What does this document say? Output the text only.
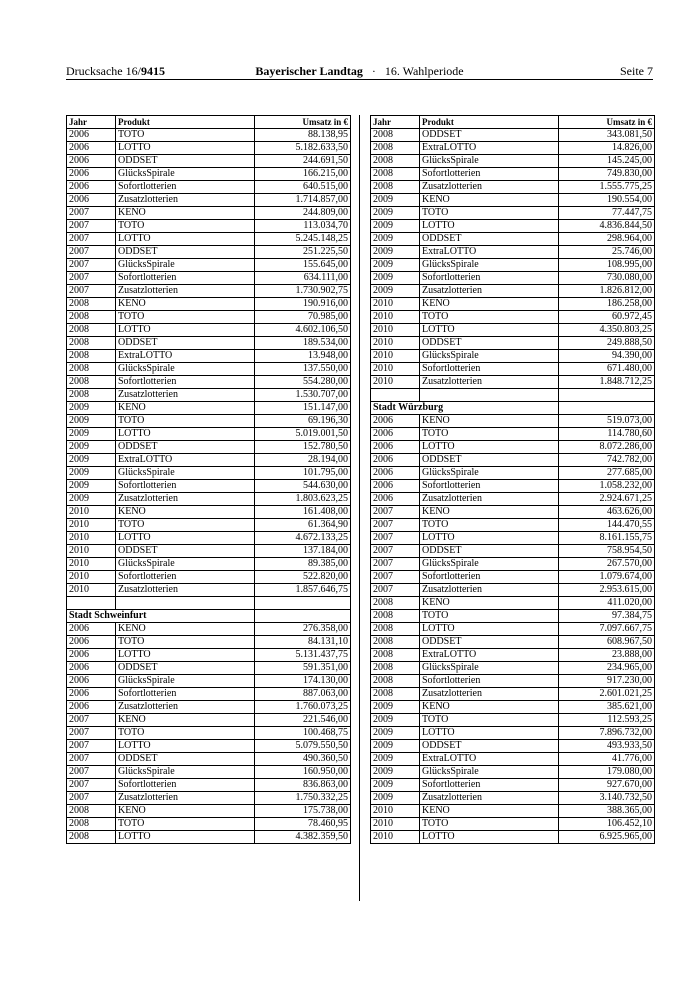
Drucksache 16/9415	Bayerischer Landtag · 16. Wahlperiode	Seite 7
Jahr	Produkt	Umsatz in €
2006	TOTO	88.138,95
2006	LOTTO	5.182.633,50
2006	ODDSET	244.691,50
2006	GlücksSpirale	166.215,00
2006	Sofortlotterien	640.515,00
2006	Zusatzlotterien	1.714.857,00
2007	KENO	244.809,00
2007	TOTO	113.034,70
2007	LOTTO	5.245.148,25
2007	ODDSET	251.225,50
2007	GlücksSpirale	155.645,00
2007	Sofortlotterien	634.111,00
2007	Zusatzlotterien	1.730.902,75
2008	KENO	190.916,00
2008	TOTO	70.985,00
2008	LOTTO	4.602.106,50
2008	ODDSET	189.534,00
2008	ExtraLOTTO	13.948,00
2008	GlücksSpirale	137.550,00
2008	Sofortlotterien	554.280,00
2008	Zusatzlotterien	1.530.707,00
2009	KENO	151.147,00
2009	TOTO	69.196,30
2009	LOTTO	5.019.001,50
2009	ODDSET	152.780,50
2009	ExtraLOTTO	28.194,00
2009	GlücksSpirale	101.795,00
2009	Sofortlotterien	544.630,00
2009	Zusatzlotterien	1.803.623,25
2010	KENO	161.408,00
2010	TOTO	61.364,90
2010	LOTTO	4.672.133,25
2010	ODDSET	137.184,00
2010	GlücksSpirale	89.385,00
2010	Sofortlotterien	522.820,00
2010	Zusatzlotterien	1.857.646,75

Stadt Schweinfurt		
2006	KENO	276.358,00
2006	TOTO	84.131,10
2006	LOTTO	5.131.437,75
2006	ODDSET	591.351,00
2006	GlücksSpirale	174.130,00
2006	Sofortlotterien	887.063,00
2006	Zusatzlotterien	1.760.073,25
2007	KENO	221.546,00
2007	TOTO	100.468,75
2007	LOTTO	5.079.550,50
2007	ODDSET	490.360,50
2007	GlücksSpirale	160.950,00
2007	Sofortlotterien	836.863,00
2007	Zusatzlotterien	1.750.332,25
2008	KENO	175.738,00
2008	TOTO	78.460,95
2008	LOTTO	4.382.359,50
Jahr	Produkt	Umsatz in €
2008	ODDSET	343.081,50
2008	ExtraLOTTO	14.826,00
2008	GlücksSpirale	145.245,00
2008	Sofortlotterien	749.830,00
2008	Zusatzlotterien	1.555.775,25
2009	KENO	190.554,00
2009	TOTO	77.447,75
2009	LOTTO	4.836.844,50
2009	ODDSET	298.964,00
2009	ExtraLOTTO	25.746,00
2009	GlücksSpirale	108.995,00
2009	Sofortlotterien	730.080,00
2009	Zusatzlotterien	1.826.812,00
2010	KENO	186.258,00
2010	TOTO	60.972,45
2010	LOTTO	4.350.803,25
2010	ODDSET	249.888,50
2010	GlücksSpirale	94.390,00
2010	Sofortlotterien	671.480,00
2010	Zusatzlotterien	1.848.712,25

Stadt Würzburg		
2006	KENO	519.073,00
2006	TOTO	114.780,60
2006	LOTTO	8.072.286,00
2006	ODDSET	742.782,00
2006	GlücksSpirale	277.685,00
2006	Sofortlotterien	1.058.232,00
2006	Zusatzlotterien	2.924.671,25
2007	KENO	463.626,00
2007	TOTO	144.470,55
2007	LOTTO	8.161.155,75
2007	ODDSET	758.954,50
2007	GlücksSpirale	267.570,00
2007	Sofortlotterien	1.079.674,00
2007	Zusatzlotterien	2.953.615,00
2008	KENO	411.020,00
2008	TOTO	97.384,75
2008	LOTTO	7.097.667,75
2008	ODDSET	608.967,50
2008	ExtraLOTTO	23.888,00
2008	GlücksSpirale	234.965,00
2008	Sofortlotterien	917.230,00
2008	Zusatzlotterien	2.601.021,25
2009	KENO	385.621,00
2009	TOTO	112.593,25
2009	LOTTO	7.896.732,00
2009	ODDSET	493.933,50
2009	ExtraLOTTO	41.776,00
2009	GlücksSpirale	179.080,00
2009	Sofortlotterien	927.670,00
2009	Zusatzlotterien	3.140.732,50
2010	KENO	388.365,00
2010	TOTO	106.452,10
2010	LOTTO	6.925.965,00
